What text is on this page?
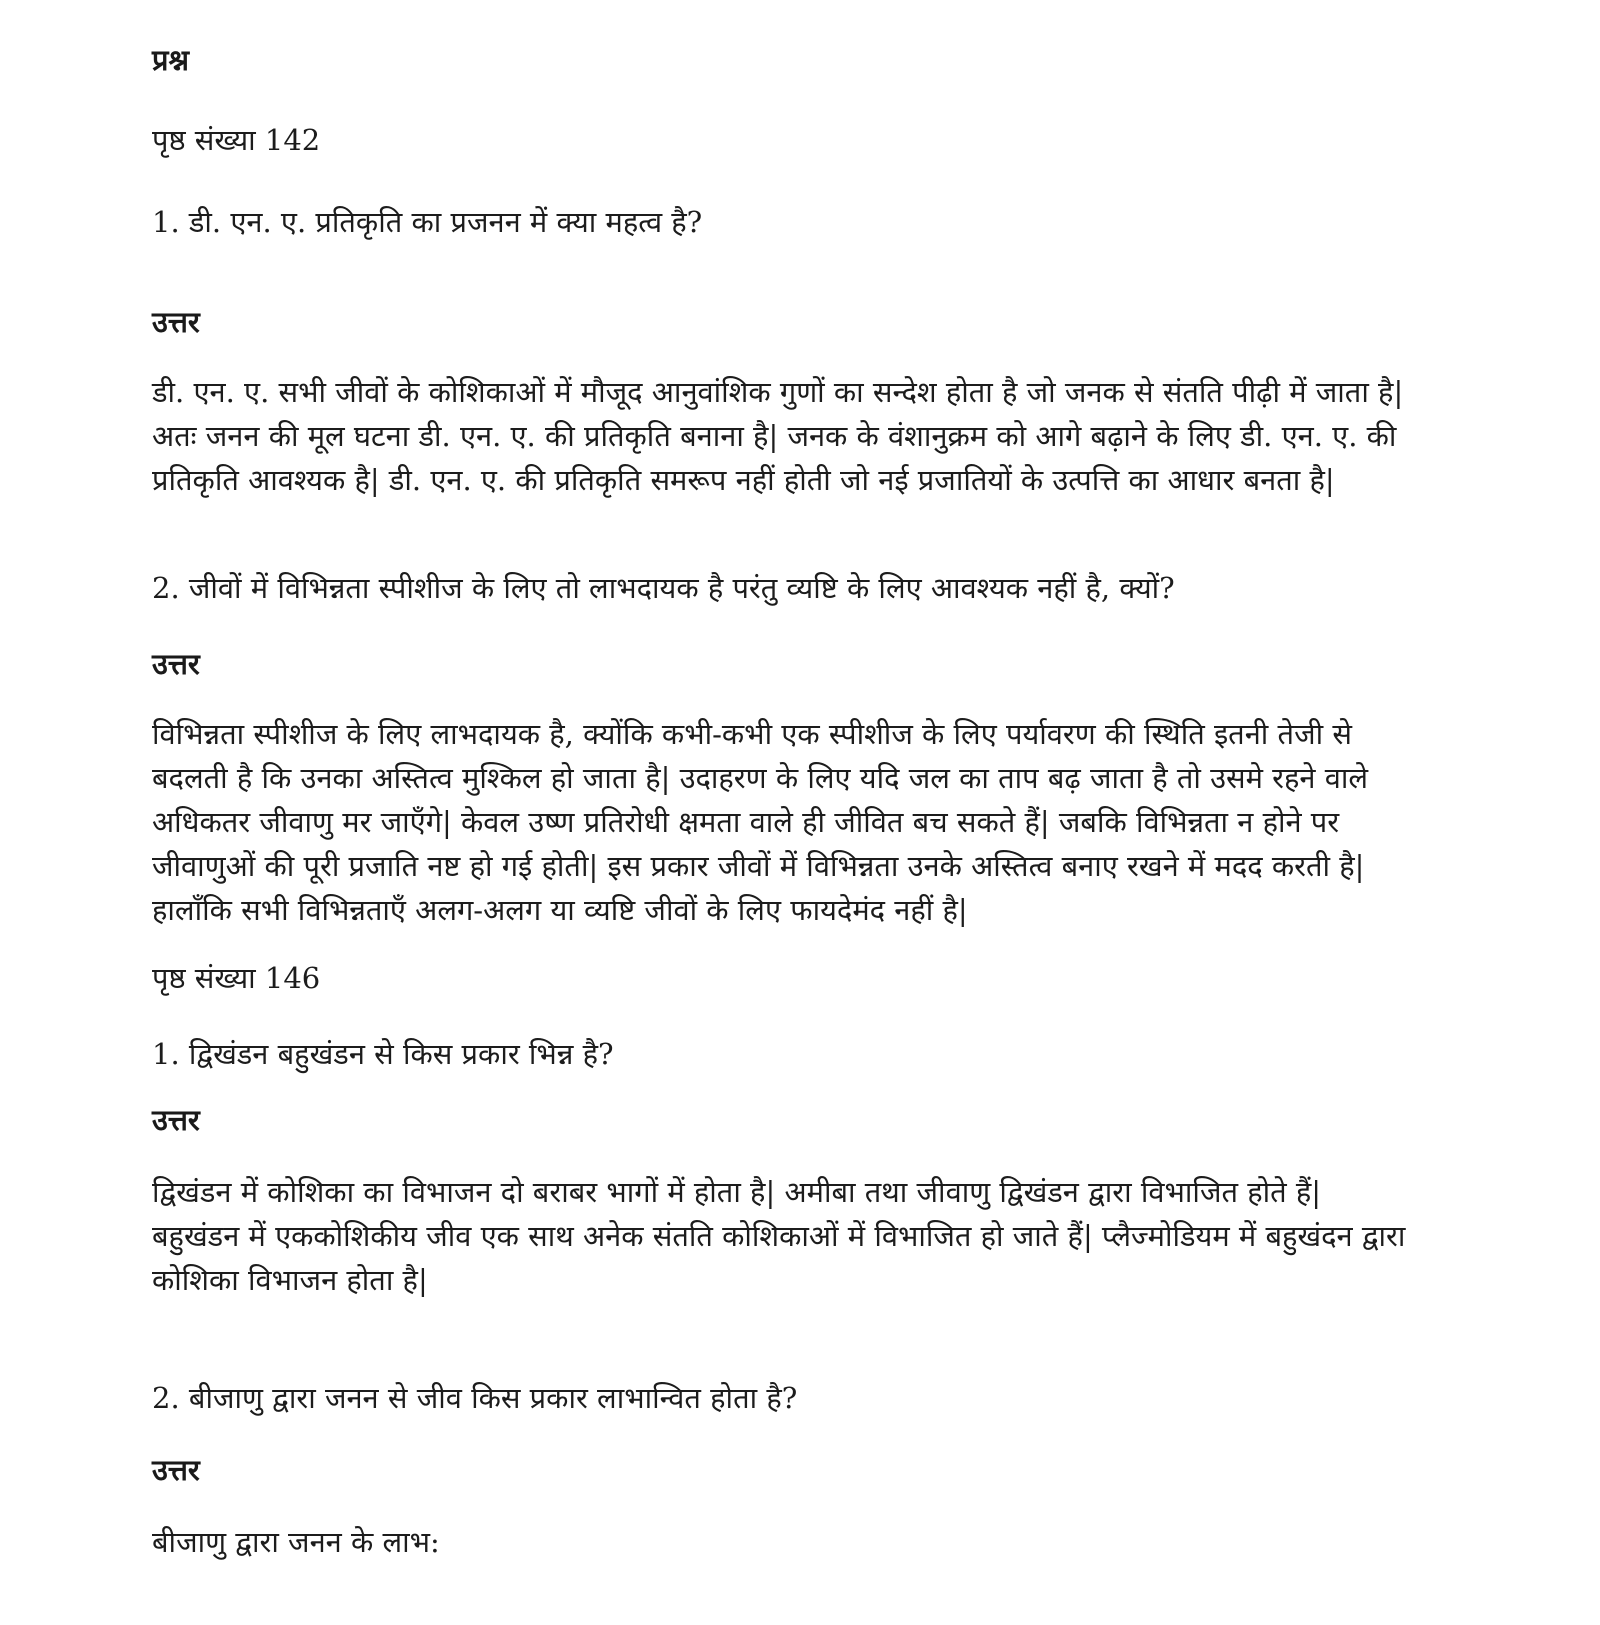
प्रश्न

पृष्ठ संख्या 142

1. डी. एन. ए. प्रतिकृति का प्रजनन में क्या महत्व है?

उत्तर

डी. एन. ए. सभी जीवों के कोशिकाओं में मौजूद आनुवांशिक गुणों का सन्देश होता है जो जनक से संतति पीढ़ी में जाता है| अतः जनन की मूल घटना डी. एन. ए. की प्रतिकृति बनाना है| जनक के वंशानुक्रम को आगे बढ़ाने के लिए डी. एन. ए. की प्रतिकृति आवश्यक है| डी. एन. ए. की प्रतिकृति समरूप नहीं होती जो नई प्रजातियों के उत्पत्ति का आधार बनता है|

2. जीवों में विभिन्नता स्पीशीज के लिए तो लाभदायक है परंतु व्यष्टि के लिए आवश्यक नहीं है, क्यों?

उत्तर

विभिन्नता स्पीशीज के लिए लाभदायक है, क्योंकि कभी-कभी एक स्पीशीज के लिए पर्यावरण की स्थिति इतनी तेजी से बदलती है कि उनका अस्तित्व मुश्किल हो जाता है| उदाहरण के लिए यदि जल का ताप बढ़ जाता है तो उसमे रहने वाले अधिकतर जीवाणु मर जाएँगे| केवल उष्ण प्रतिरोधी क्षमता वाले ही जीवित बच सकते हैं| जबकि विभिन्नता न होने पर जीवाणुओं की पूरी प्रजाति नष्ट हो गई होती| इस प्रकार जीवों में विभिन्नता उनके अस्तित्व बनाए रखने में मदद करती है| हालाँकि सभी विभिन्नताएँ अलग-अलग या व्यष्टि जीवों के लिए फायदेमंद नहीं है|

पृष्ठ संख्या 146

1. द्विखंडन बहुखंडन से किस प्रकार भिन्न है?

उत्तर

द्विखंडन में कोशिका का विभाजन दो बराबर भागों में होता है| अमीबा तथा जीवाणु द्विखंडन द्वारा विभाजित होते हैं|

बहुखंडन में एककोशिकीय जीव एक साथ अनेक संतति कोशिकाओं में विभाजित हो जाते हैं| प्लैज्मोडियम में बहुखंदन द्वारा कोशिका विभाजन होता है|

2. बीजाणु द्वारा जनन से जीव किस प्रकार लाभान्वित होता है?

उत्तर

बीजाणु द्वारा जनन के लाभ:
